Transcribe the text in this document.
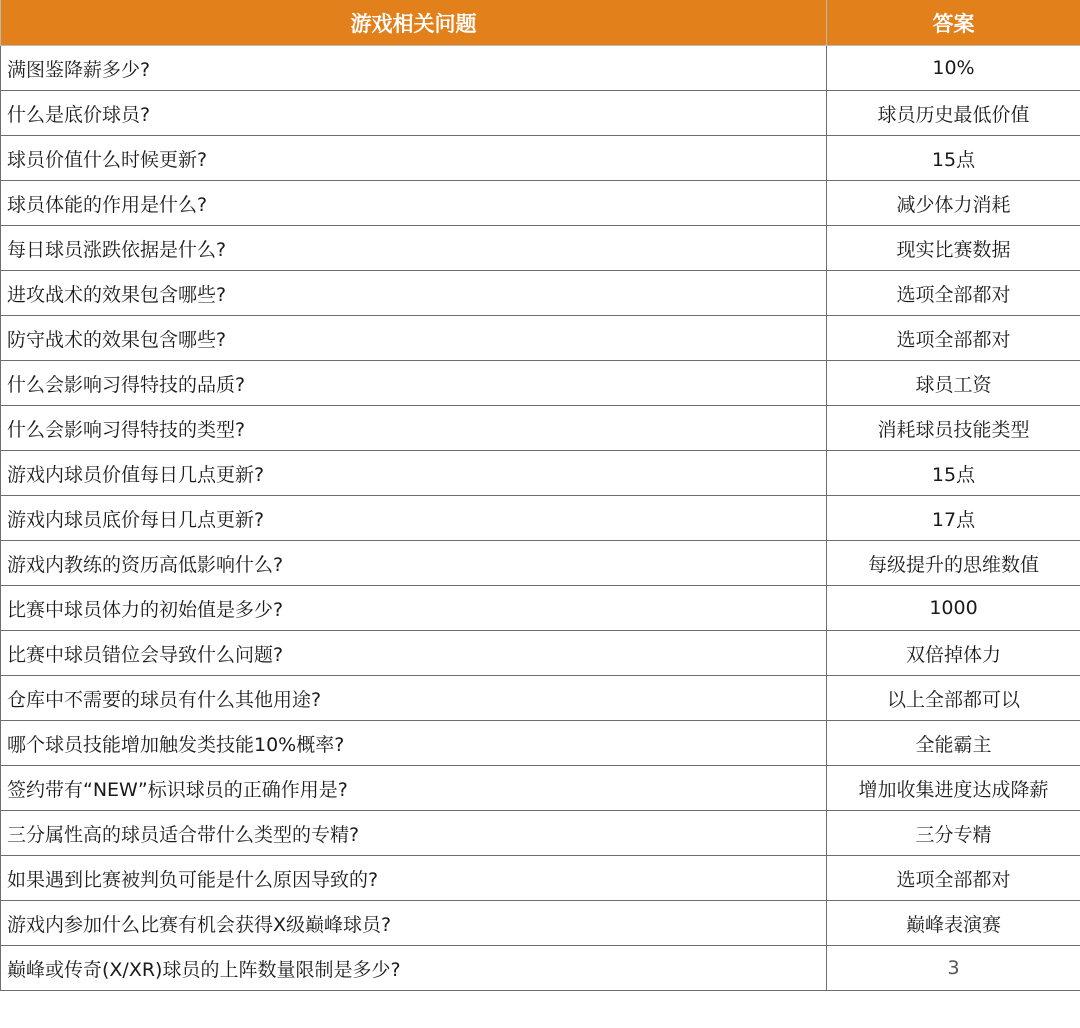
游戏相关问题	答案
满图鉴降薪多少?	10%
什么是底价球员?	球员历史最低价值
球员价值什么时候更新?	15点
球员体能的作用是什么?	减少体力消耗
每日球员涨跌依据是什么?	现实比赛数据
进攻战术的效果包含哪些?	选项全部都对
防守战术的效果包含哪些?	选项全部都对
什么会影响习得特技的品质?	球员工资
什么会影响习得特技的类型?	消耗球员技能类型
游戏内球员价值每日几点更新?	15点
游戏内球员底价每日几点更新?	17点
游戏内教练的资历高低影响什么?	每级提升的思维数值
比赛中球员体力的初始值是多少?	1000
比赛中球员错位会导致什么问题?	双倍掉体力
仓库中不需要的球员有什么其他用途?	以上全部都可以
哪个球员技能增加触发类技能10%概率?	全能霸主
签约带有“NEW”标识球员的正确作用是?	增加收集进度达成降薪
三分属性高的球员适合带什么类型的专精?	三分专精
如果遇到比赛被判负可能是什么原因导致的?	选项全部都对
游戏内参加什么比赛有机会获得X级巅峰球员?	巅峰表演赛
巅峰或传奇(X/XR)球员的上阵数量限制是多少?	3
